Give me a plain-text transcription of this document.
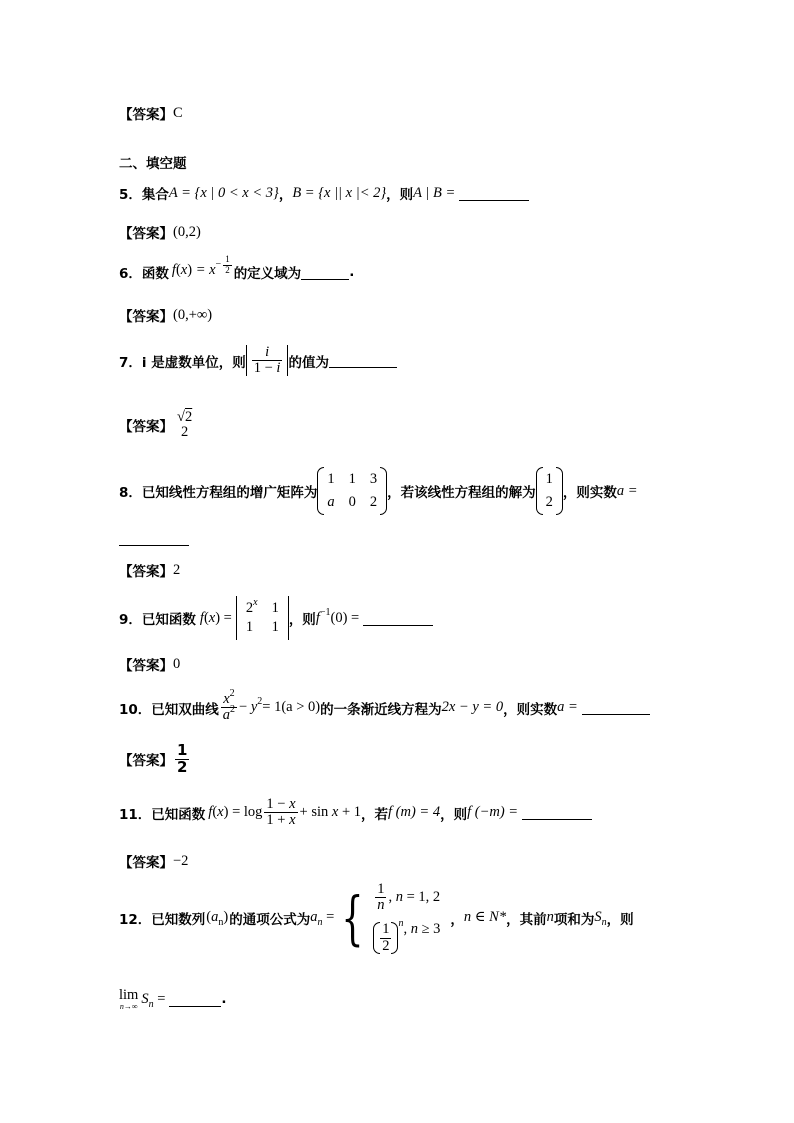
【答案】 C
二、填空题
5． 集合 A = {x | 0 < x < 3} ， B = {x || x |< 2} ，则 A | B =
【答案】 (0,2)
6． 函数 $f(x) = x^{- \frac{1}{2}}$ 的定义域为	.
【答案】 (0,+∞)
7． i 是虚数单位，则 $\frac{i}{1 - i}$ 的值为
【答案】
√2
2
8． 已知线性方程组的增广矩阵为
1 1 3
a 0 2
，若该线性方程组的解为
1
2
，则实数 a =
【答案】 2
9． 已知函数 f(x) =
$2^x$ 1
1	1 ，则 $f^{-1}(0)$ =
【答案】 0
10． 已知双曲线 $\frac{x^2}{a^2} - y^2 = 1(a > 0)$ 的一条渐近线方程为 2x − y = 0 ，则实数 a =
【答案】 $\frac{1}{2}$
11． 已知函数 $f(x) = \log \frac{1 - x}{1 + x} + \sin x + 1$ ，若 f (m) = 4 ，则 f (−m) =
【答案】 −2
12． 已知数列 $(a_n)$ 的通项公式为 $a_n$ = { $\frac{1}{n}$ , n = 1, 2
$\frac{1}{2} ^n$, n ≥ 3
， n ∈ N* ，其前 n 项和为 $S_n$ ，则
lim
n→∞ $S_n$ =	.
